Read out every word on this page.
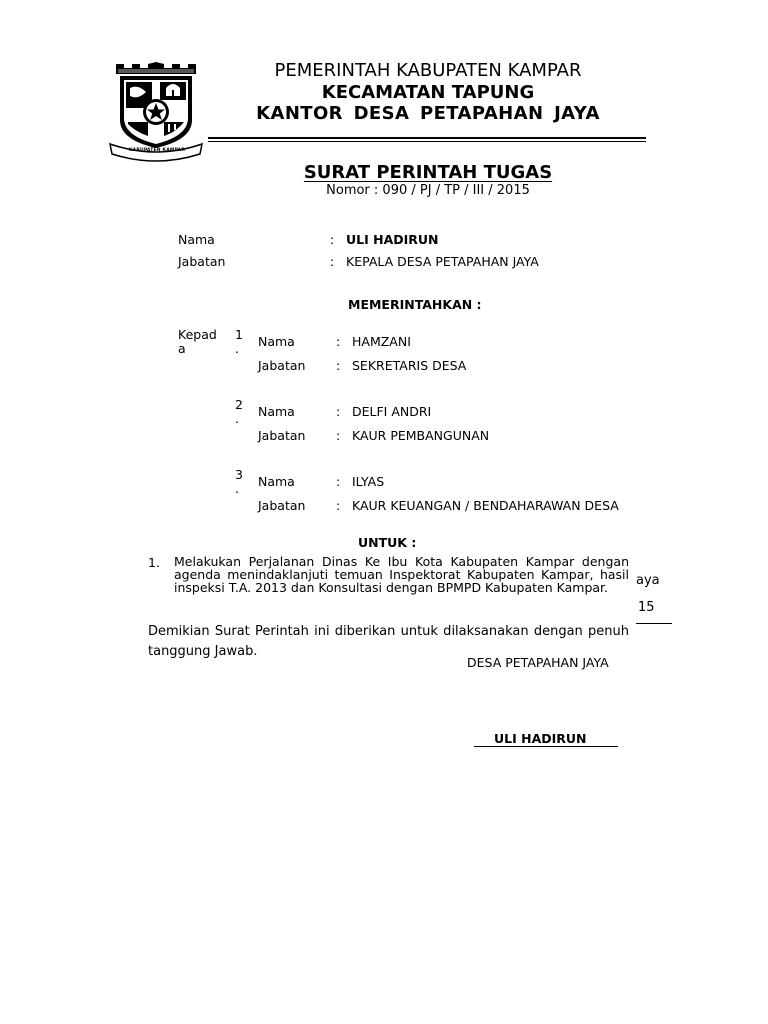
KABUPATEN KAMPAR
PEMERINTAH KABUPATEN KAMPAR
KECAMATAN TAPUNG
KANTOR DESA PETAPAHAN JAYA
SURAT PERINTAH TUGAS
Nomor : 090 / PJ / TP / III / 2015
Nama	: ULI HADIRUN
Jabatan	: KEPALA DESA PETAPAHAN JAYA
MEMERINTAHKAN :
Kepad
a
1
. Nama	: HAMZANI
Jabatan : SEKRETARIS DESA
2
. Nama	: DELFI ANDRI
Jabatan : KAUR PEMBANGUNAN
3
. Nama	: ILYAS
Jabatan : KAUR KEUANGAN / BENDAHARAWAN DESA
UNTUK :
1. Melakukan Perjalanan Dinas Ke Ibu Kota Kabupaten Kampar dengan agenda menindaklanjuti temuan Inspektorat Kabupaten Kampar, hasil inspeksi T.A. 2013 dan Konsultasi dengan BPMPD Kabupaten Kampar.	aya
15
Demikian Surat Perintah ini diberikan untuk dilaksanakan dengan penuh tanggung Jawab.
DESA PETAPAHAN JAYA
ULI HADIRUN
